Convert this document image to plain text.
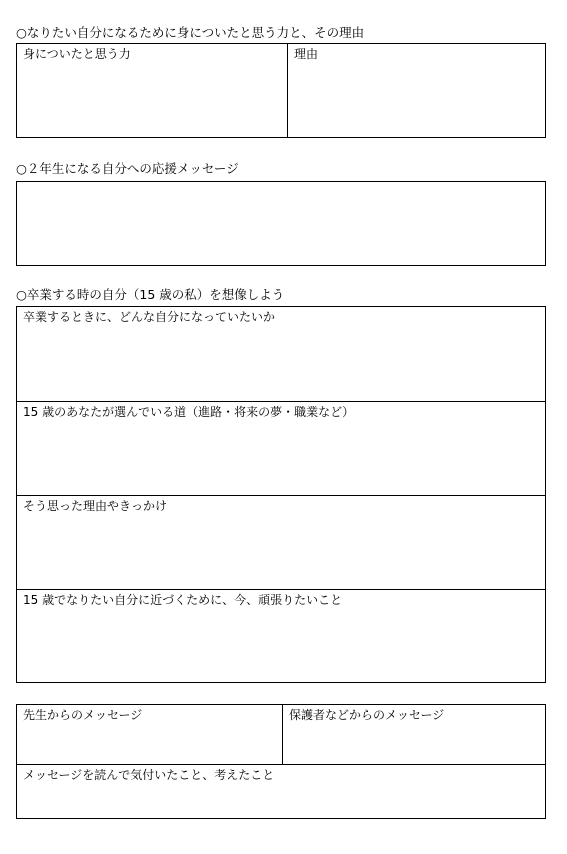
○なりたい自分になるために身についたと思う力と、その理由
身についたと思う力	理由
○２年生になる自分への応援メッセージ
○卒業する時の自分（15 歳の私）を想像しよう
卒業するときに、どんな自分になっていたいか
15 歳のあなたが選んでいる道（進路・将来の夢・職業など）
そう思った理由やきっかけ
15 歳でなりたい自分に近づくために、今、頑張りたいこと
先生からのメッセージ	保護者などからのメッセージ
メッセージを読んで気付いたこと、考えたこと
